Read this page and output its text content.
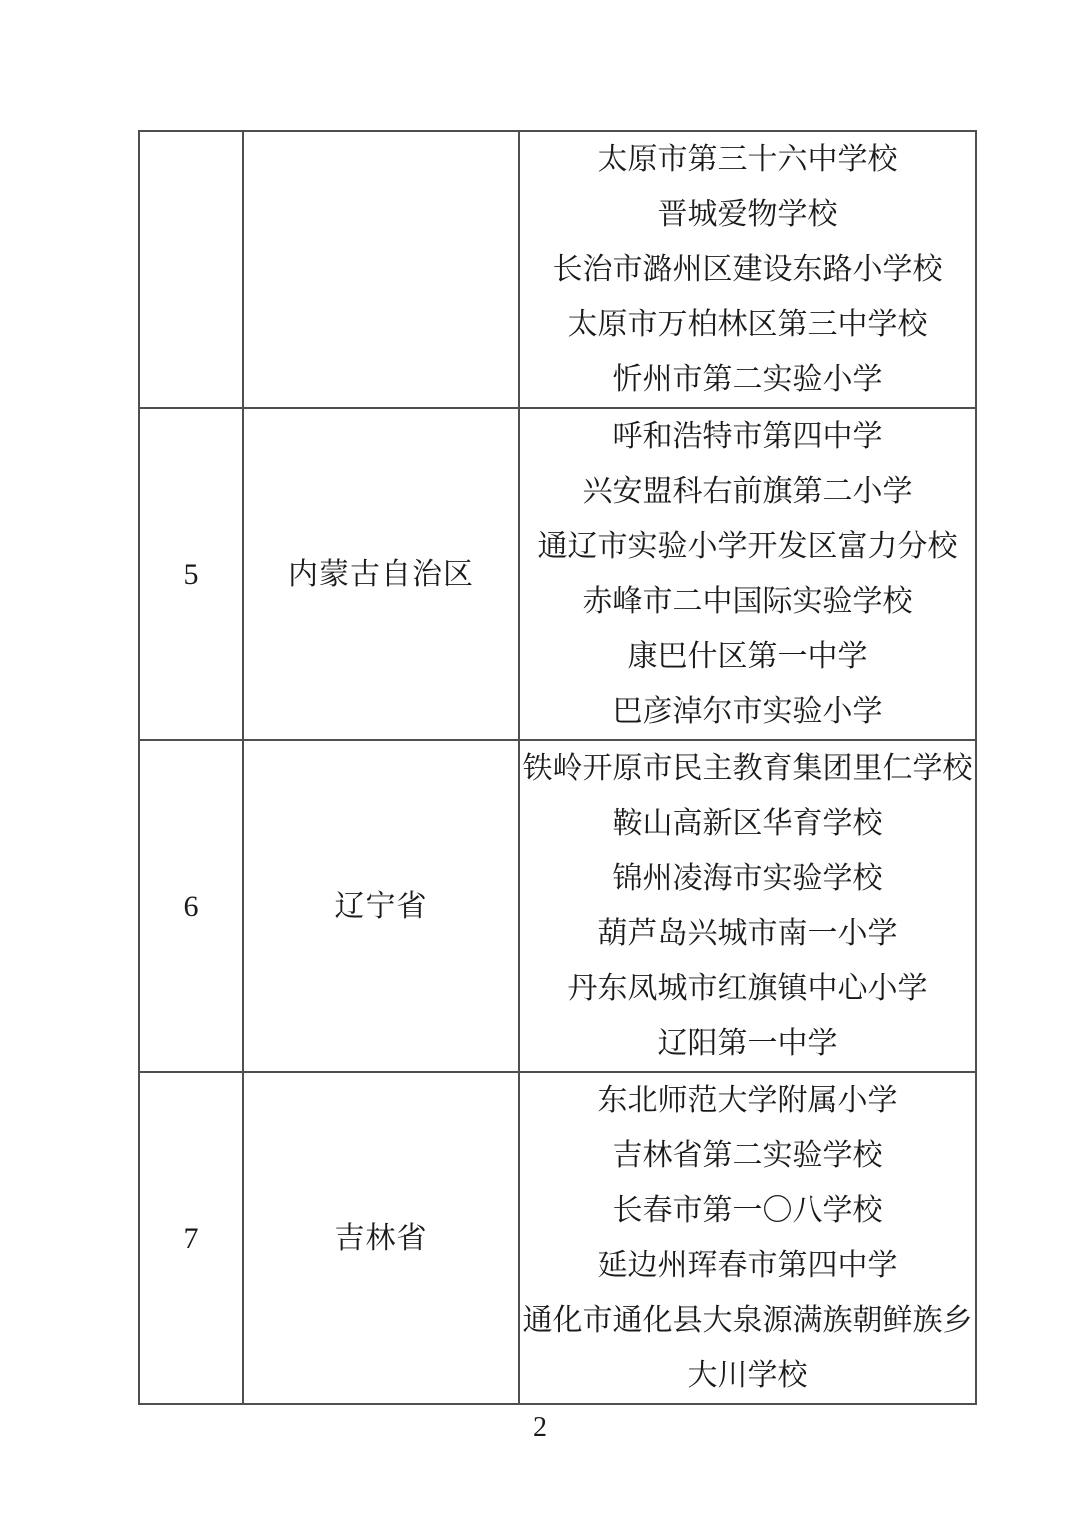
		太原市第三十六中学校
晋城爱物学校
长治市潞州区建设东路小学校
太原市万柏林区第三中学校
忻州市第二实验小学

5	内蒙古自治区	
呼和浩特市第四中学
兴安盟科右前旗第二小学
通辽市实验小学开发区富力分校
赤峰市二中国际实验学校
康巴什区第一中学
巴彦淖尔市实验小学

6	辽宁省	
铁岭开原市民主教育集团里仁学校
鞍山高新区华育学校
锦州凌海市实验学校
葫芦岛兴城市南一小学
丹东凤城市红旗镇中心小学
辽阳第一中学

7	吉林省	东北师范大学附属小学
吉林省第二实验学校
长春市第一〇八学校
延边州珲春市第四中学
通化市通化县大泉源满族朝鲜族乡大川学校
2
